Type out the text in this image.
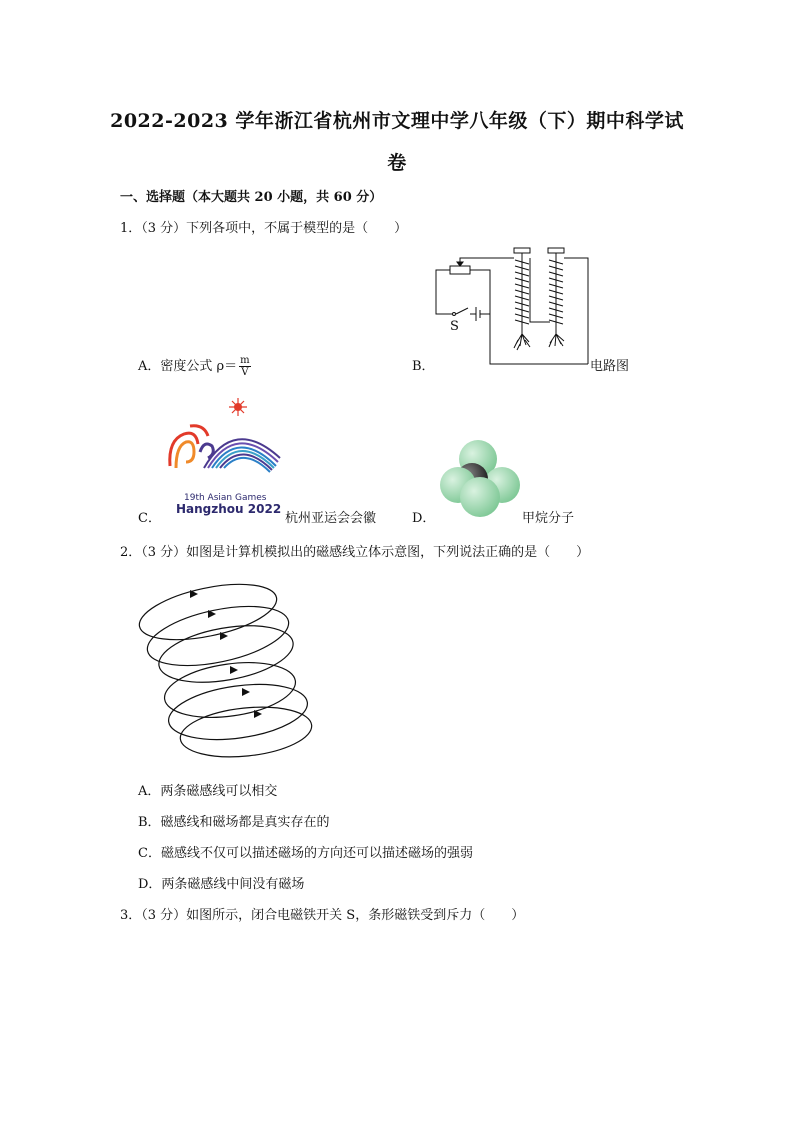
2022-2023 学年浙江省杭州市文理中学八年级（下）期中科学试
卷
一、选择题（本大题共 20 小题，共 60 分）
1．（3 分）下列各项中，不属于模型的是（　　）
A．密度公式 $\rho= \frac{m}{V}$	B．
S
电路图
C．
19th Asian Games
Hangzhou 2022
杭州亚运会会徽	D．	甲烷分子
2．（3 分）如图是计算机模拟出的磁感线立体示意图，下列说法正确的是（　　）
A．两条磁感线可以相交
B．磁感线和磁场都是真实存在的
C．磁感线不仅可以描述磁场的方向还可以描述磁场的强弱
D．两条磁感线中间没有磁场
3．（3 分）如图所示，闭合电磁铁开关 S，条形磁铁受到斥力（　　）
